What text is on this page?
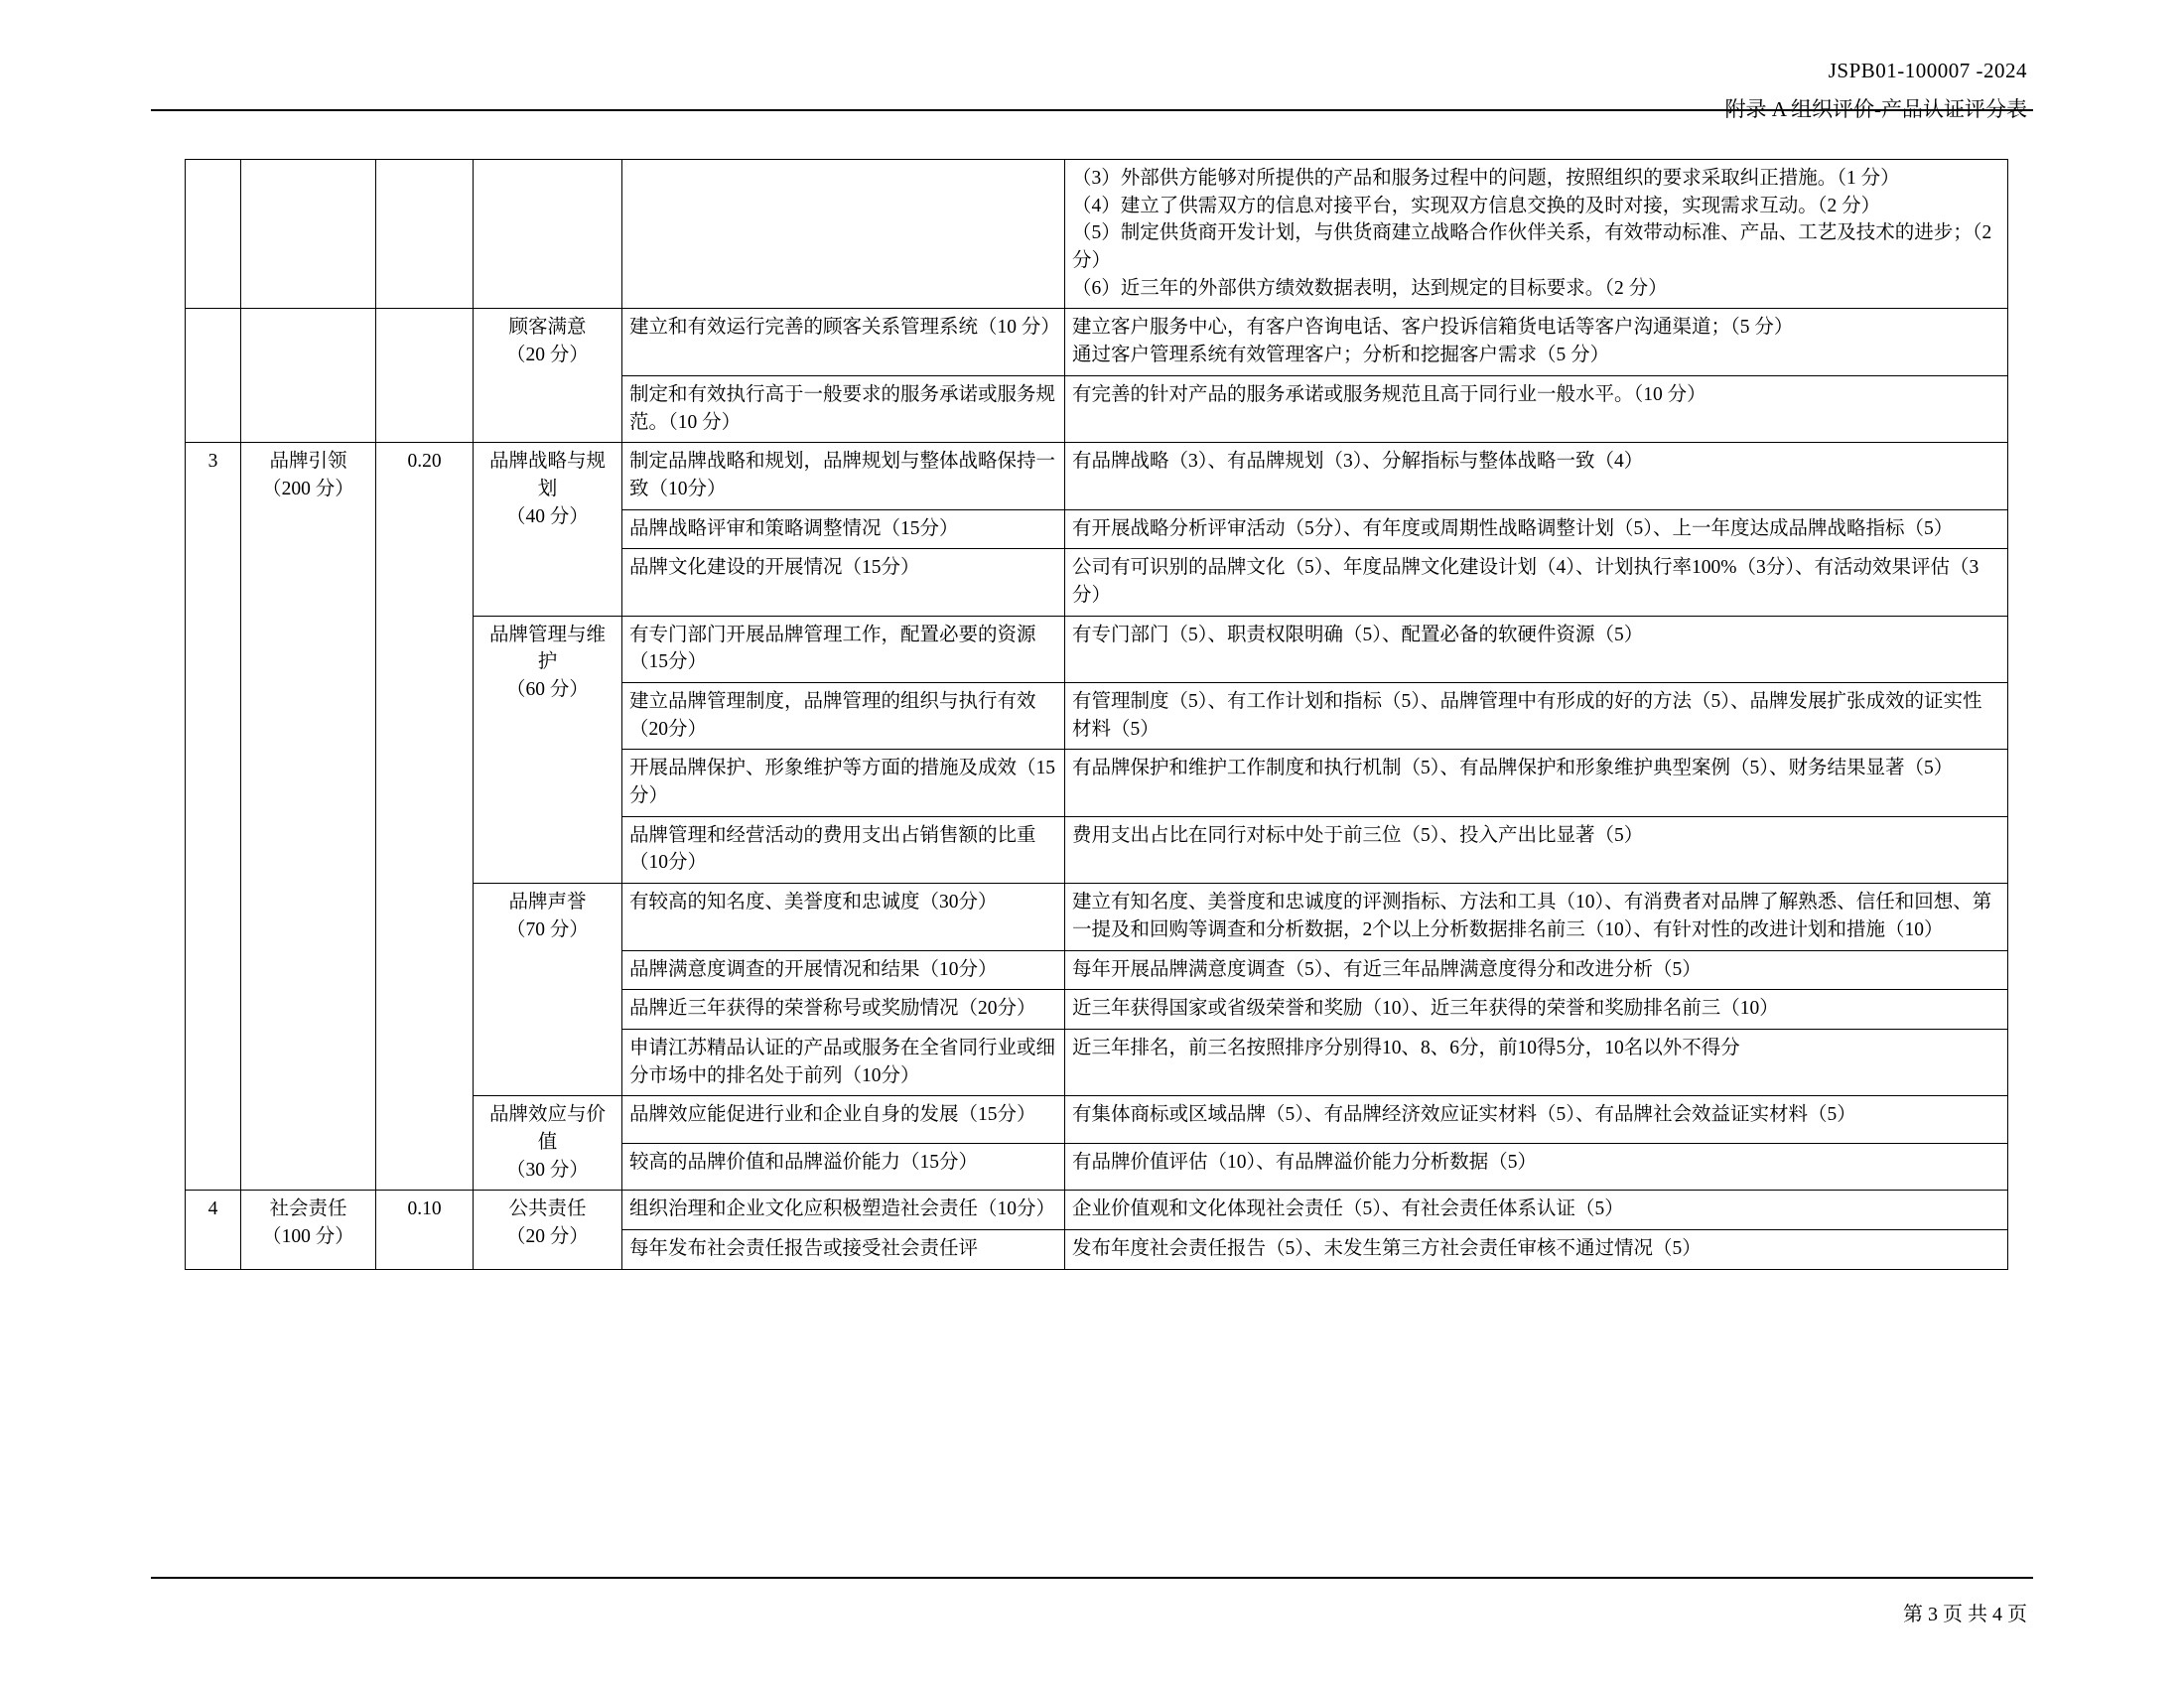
JSPB01-100007 -2024
附录 A 组织评价-产品认证评分表

					（3）外部供方能够对所提供的产品和服务过程中的问题，按照组织的要求采取纠正措施。（1 分）
（4）建立了供需双方的信息对接平台，实现双方信息交换的及时对接，实现需求互动。（2 分）
（5）制定供货商开发计划，与供货商建立战略合作伙伴关系，有效带动标准、产品、工艺及技术的进步；（2 分）
（6）近三年的外部供方绩效数据表明，达到规定的目标要求。（2 分）

			顾客满意
（20 分）	建立和有效运行完善的顾客关系管理系统（10 分）	建立客户服务中心，有客户咨询电话、客户投诉信箱货电话等客户沟通渠道；（5 分）
通过客户管理系统有效管理客户；分析和挖掘客户需求（5 分）

				制定和有效执行高于一般要求的服务承诺或服务规范。（10 分）	有完善的针对产品的服务承诺或服务规范且高于同行业一般水平。（10 分）

3	品牌引领
（200 分）	0.20	品牌战略与规划
（40 分）	制定品牌战略和规划，品牌规划与整体战略保持一致（10分）	有品牌战略（3）、有品牌规划（3）、分解指标与整体战略一致（4）

				品牌战略评审和策略调整情况（15分）	有开展战略分析评审活动（5分）、有年度或周期性战略调整计划（5）、上一年度达成品牌战略指标（5）

				品牌文化建设的开展情况（15分）	公司有可识别的品牌文化（5）、年度品牌文化建设计划（4）、计划执行率100%（3分）、有活动效果评估（3分）

			品牌管理与维护
（60 分）	有专门部门开展品牌管理工作，配置必要的资源（15分）	有专门部门（5）、职责权限明确（5）、配置必备的软硬件资源（5）

				建立品牌管理制度，品牌管理的组织与执行有效（20分）	有管理制度（5）、有工作计划和指标（5）、品牌管理中有形成的好的方法（5）、品牌发展扩张成效的证实性材料（5）

				开展品牌保护、形象维护等方面的措施及成效（15分）	有品牌保护和维护工作制度和执行机制（5）、有品牌保护和形象维护典型案例（5）、财务结果显著（5）

				品牌管理和经营活动的费用支出占销售额的比重（10分）	费用支出占比在同行对标中处于前三位（5）、投入产出比显著（5）

			品牌声誉
（70 分）	有较高的知名度、美誉度和忠诚度（30分）	建立有知名度、美誉度和忠诚度的评测指标、方法和工具（10）、有消费者对品牌了解熟悉、信任和回想、第一提及和回购等调查和分析数据，2个以上分析数据排名前三（10）、有针对性的改进计划和措施（10）

				品牌满意度调查的开展情况和结果（10分）	每年开展品牌满意度调查（5）、有近三年品牌满意度得分和改进分析（5）

				品牌近三年获得的荣誉称号或奖励情况（20分）	近三年获得国家或省级荣誉和奖励（10）、近三年获得的荣誉和奖励排名前三（10）

				申请江苏精品认证的产品或服务在全省同行业或细分市场中的排名处于前列（10分）	近三年排名，前三名按照排序分别得10、8、6分，前10得5分，10名以外不得分

			品牌效应与价值
（30 分）	品牌效应能促进行业和企业自身的发展（15分）	有集体商标或区域品牌（5）、有品牌经济效应证实材料（5）、有品牌社会效益证实材料（5）

				较高的品牌价值和品牌溢价能力（15分）	有品牌价值评估（10）、有品牌溢价能力分析数据（5）

4	社会责任
（100 分）	0.10	公共责任
（20 分）	组织治理和企业文化应积极塑造社会责任（10分）	企业价值观和文化体现社会责任（5）、有社会责任体系认证（5）

				每年发布社会责任报告或接受社会责任评	发布年度社会责任报告（5）、未发生第三方社会责任审核不通过情况（5）
第 3 页 共 4 页
